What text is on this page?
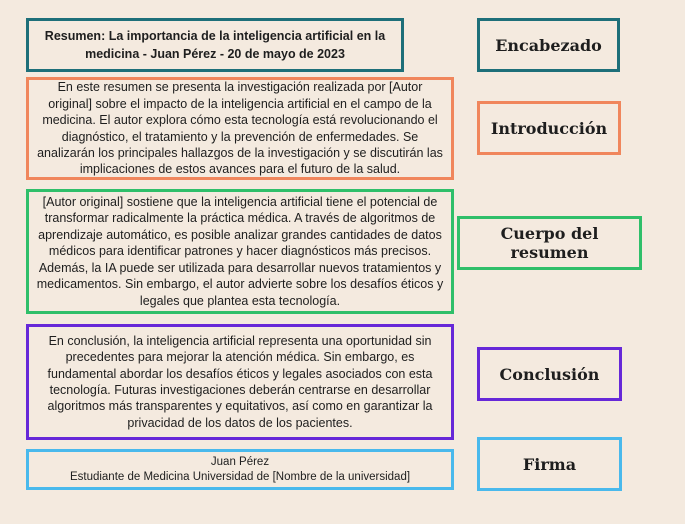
Resumen: La importancia de la inteligencia artificial en la medicina - Juan Pérez - 20 de mayo de 2023
En este resumen se presenta la investigación realizada por [Autor original] sobre el impacto de la inteligencia artificial en el campo de la medicina. El autor explora cómo esta tecnología está revolucionando el diagnóstico, el tratamiento y la prevención de enfermedades. Se analizarán los principales hallazgos de la investigación y se discutirán las implicaciones de estos avances para el futuro de la salud.
[Autor original] sostiene que la inteligencia artificial tiene el potencial de transformar radicalmente la práctica médica. A través de algoritmos de aprendizaje automático, es posible analizar grandes cantidades de datos médicos para identificar patrones y hacer diagnósticos más precisos. Además, la IA puede ser utilizada para desarrollar nuevos tratamientos y medicamentos. Sin embargo, el autor advierte sobre los desafíos éticos y legales que plantea esta tecnología.
En conclusión, la inteligencia artificial representa una oportunidad sin precedentes para mejorar la atención médica. Sin embargo, es fundamental abordar los desafíos éticos y legales asociados con esta tecnología. Futuras investigaciones deberán centrarse en desarrollar algoritmos más transparentes y equitativos, así como en garantizar la privacidad de los datos de los pacientes.
Juan Pérez
Estudiante de Medicina Universidad de [Nombre de la universidad]
Encabezado
Introducción
Cuerpo del resumen
Conclusión
Firma
